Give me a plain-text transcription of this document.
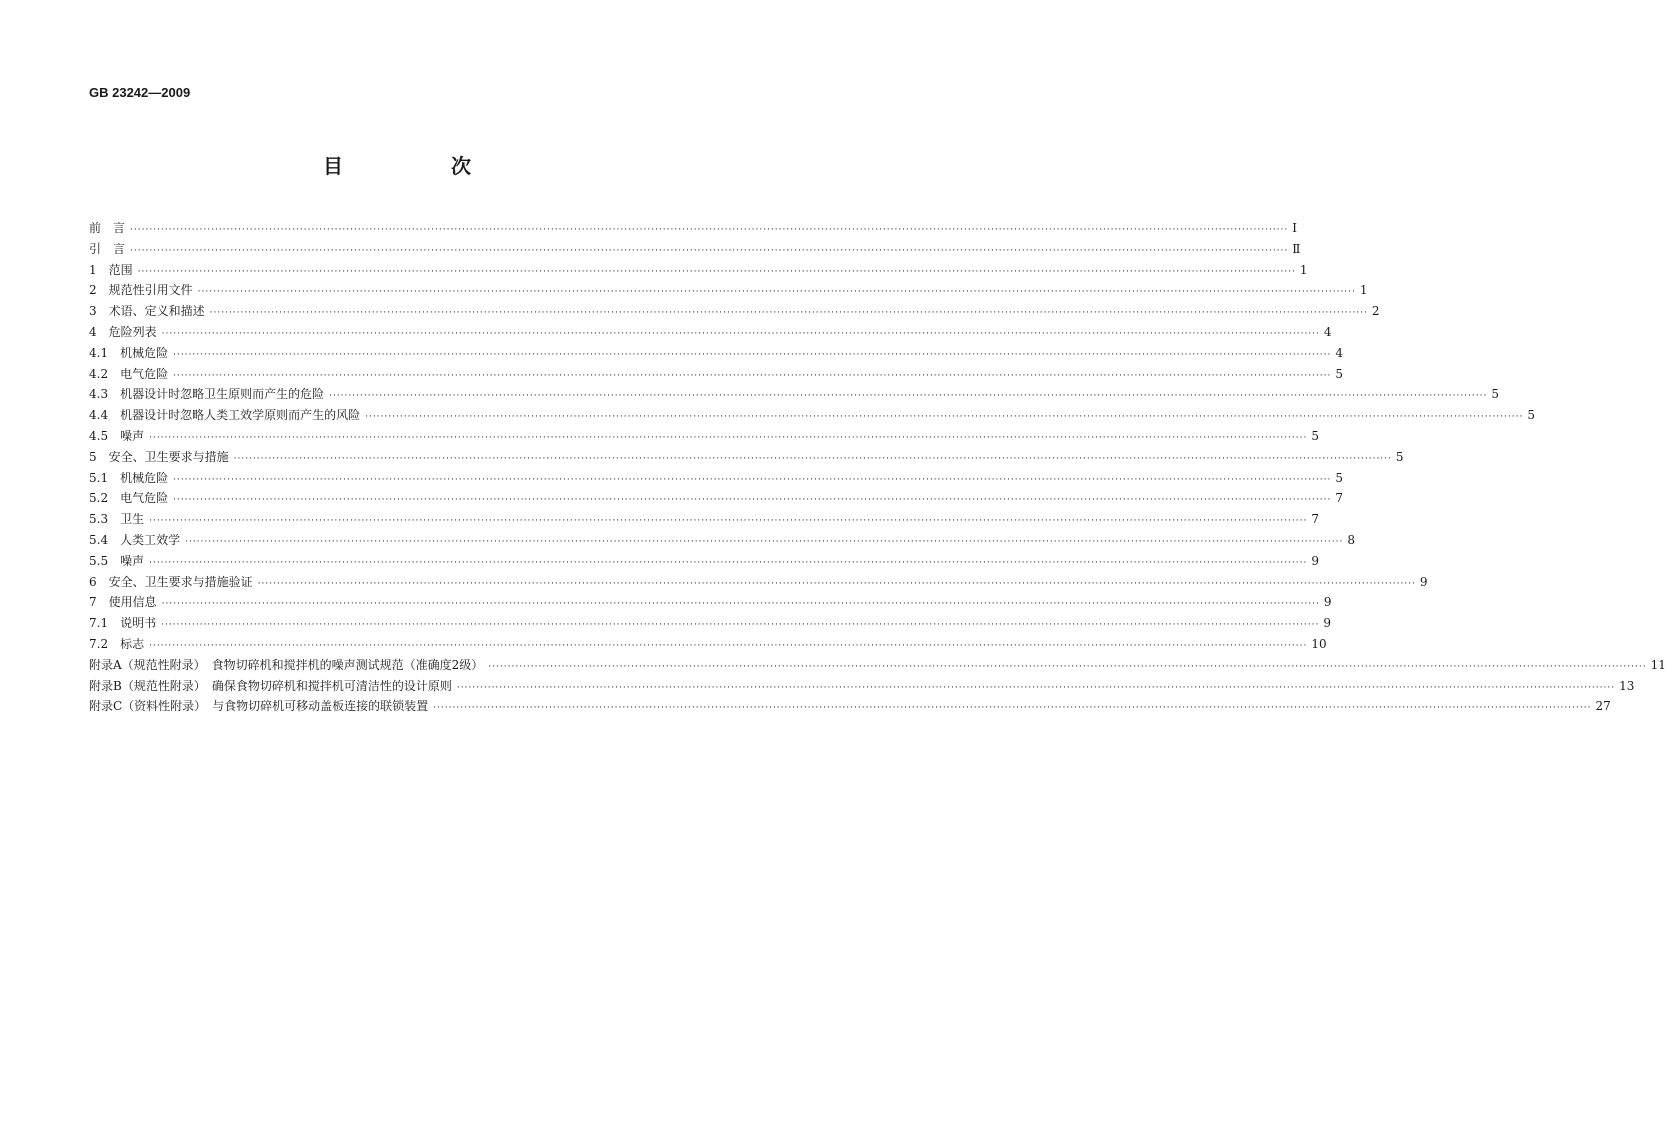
GB 23242—2009
目　次
前　言 ············································································································································································································································································································ Ⅰ
引　言 ············································································································································································································································································································ Ⅱ
1　范围 ············································································································································································································································································································ 1
2　规范性引用文件 ············································································································································································································································································································ 1
3　术语、定义和描述 ············································································································································································································································································································ 2
4　危险列表 ············································································································································································································································································································ 4
4.1　机械危险 ············································································································································································································································································································ 4
4.2　电气危险 ············································································································································································································································································································ 5
4.3　机器设计时忽略卫生原则而产生的危险 ············································································································································································································································································································ 5
4.4　机器设计时忽略人类工效学原则而产生的风险 ············································································································································································································································································································ 5
4.5　噪声 ············································································································································································································································································································ 5
5　安全、卫生要求与措施 ············································································································································································································································································································ 5
5.1　机械危险 ············································································································································································································································································································ 5
5.2　电气危险 ············································································································································································································································································································ 7
5.3　卫生 ············································································································································································································································································································ 7
5.4　人类工效学 ············································································································································································································································································································ 8
5.5　噪声 ············································································································································································································································································································ 9
6　安全、卫生要求与措施验证 ············································································································································································································································································································ 9
7　使用信息 ············································································································································································································································································································ 9
7.1　说明书 ············································································································································································································································································································ 9
7.2　标志 ············································································································································································································································································································ 10
附录A（规范性附录）　食物切碎机和搅拌机的噪声测试规范（准确度2级） ············································································································································································································································································································ 11
附录B（规范性附录）　确保食物切碎机和搅拌机可清洁性的设计原则 ············································································································································································································································································································ 13
附录C（资料性附录）　与食物切碎机可移动盖板连接的联锁装置 ············································································································································································································································································································ 27
